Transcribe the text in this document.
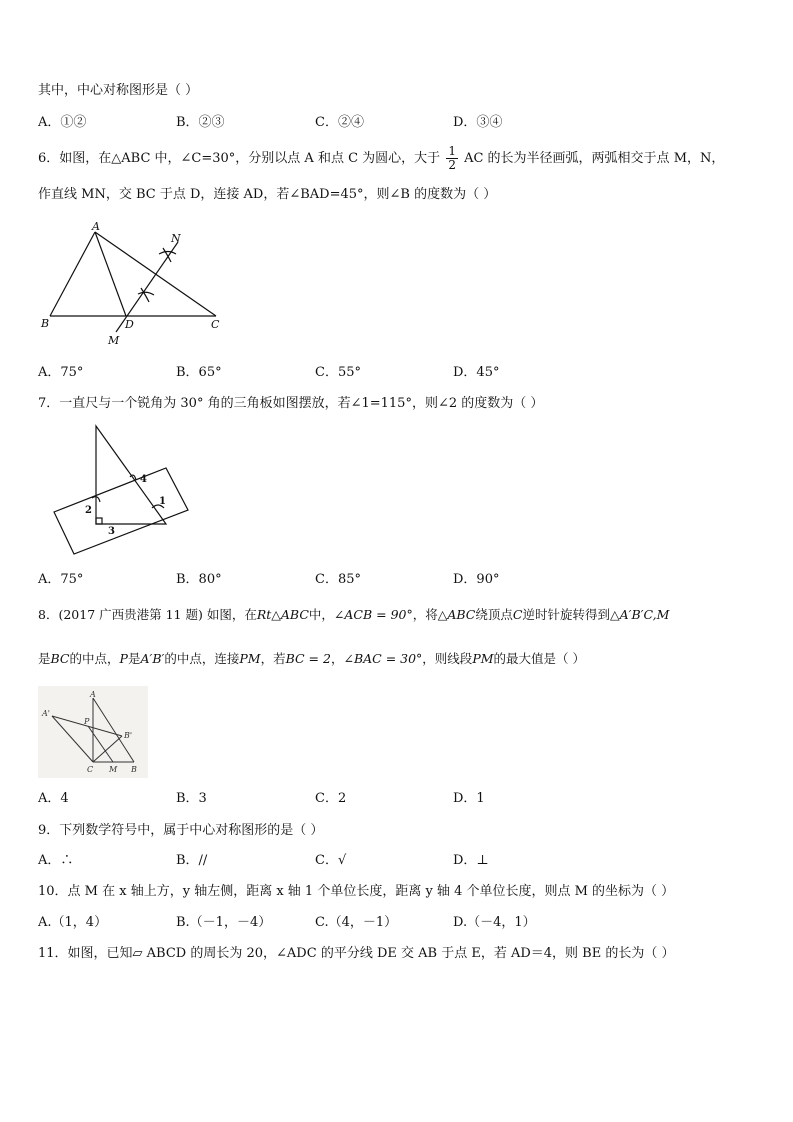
其中，中心对称图形是（ ）
A．①②	B．②③	C．②④	D．③④
6．如图，在△ABC 中，∠C=30°，分别以点 A 和点 C 为圆心，大于 $\frac{1}{2}$ AC 的长为半径画弧，两弧相交于点 M，N，
作直线 MN，交 BC 于点 D，连接 AD，若∠BAD=45°，则∠B 的度数为（ ）
A
N
B	D	C
M
A．75°	B．65°	C．55°	D．45°
7．一直尺与一个锐角为 30° 角的三角板如图摆放，若∠1=115°，则∠2 的度数为（ ）
4
2
1
3
A．75°	B．80°	C．85°	D．90°
8．(2017 广西贵港第 11 题) 如图，在Rt△ABC中，∠ACB = 90°，将△ABC绕顶点C逆时针旋转得到△A′B′C,M
是BC的中点，P是A′B′的中点，连接PM，若BC = 2，∠BAC = 30°，则线段PM的最大值是（ ）
A
A'
P
B'
C M B
A．4	B．3	C．2	D．1
9．下列数学符号中，属于中心对称图形的是（ ）
A．∴	B．//	C．√	D．⊥
10．点 M 在 x 轴上方，y 轴左侧，距离 x 轴 1 个单位长度，距离 y 轴 4 个单位长度，则点 M 的坐标为（ ）
A.（1，4）	B.（－1，－4）	C.（4，－1）	D.（－4，1）
11．如图，已知▱ ABCD 的周长为 20，∠ADC 的平分线 DE 交 AB 于点 E，若 AD＝4，则 BE 的长为（ ）
